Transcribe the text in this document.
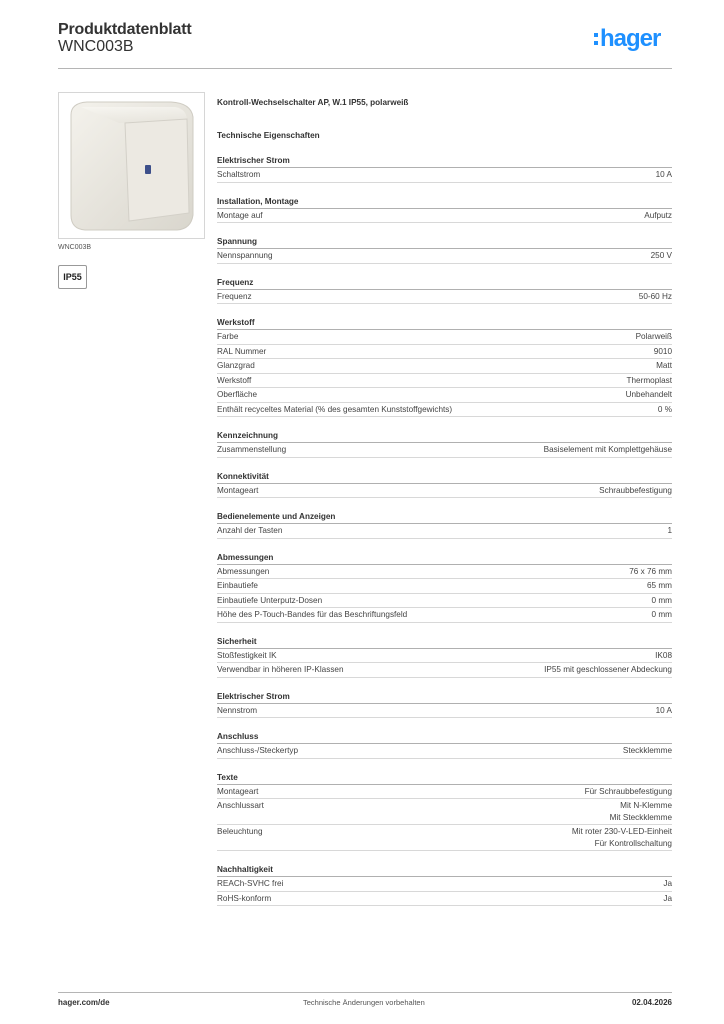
Produktdatenblatt
WNC003B	hager
WNC003B
IP55
Kontroll-Wechselschalter AP, W.1 IP55, polarweiß
Technische Eigenschaften
Elektrischer Strom
Schaltstrom	10 A
Installation, Montage
Montage auf	Aufputz
Spannung
Nennspannung	250 V
Frequenz
Frequenz	50-60 Hz
Werkstoff
Farbe	Polarweiß
RAL Nummer	9010
Glanzgrad	Matt
Werkstoff	Thermoplast
Oberfläche	Unbehandelt
Enthält recyceltes Material (% des gesamten Kunststoffgewichts)	0 %
Kennzeichnung
Zusammenstellung	Basiselement mit Komplettgehäuse
Konnektivität
Montageart	Schraubbefestigung
Bedienelemente und Anzeigen
Anzahl der Tasten	1
Abmessungen
Abmessungen	76 x 76 mm
Einbautiefe	65 mm
Einbautiefe Unterputz-Dosen	0 mm
Höhe des P-Touch-Bandes für das Beschriftungsfeld	0 mm
Sicherheit
Stoßfestigkeit IK	IK08
Verwendbar in höheren IP-Klassen	IP55 mit geschlossener Abdeckung
Elektrischer Strom
Nennstrom	10 A
Anschluss
Anschluss-/Steckertyp	Steckklemme
Texte
Montageart	Für Schraubbefestigung
Anschlussart	Mit N-Klemme
Mit Steckklemme
Beleuchtung	Mit roter 230-V-LED-Einheit
Für Kontrollschaltung
Nachhaltigkeit
REACh-SVHC frei	Ja
RoHS-konform	Ja
hager.com/de	Technische Änderungen vorbehalten	02.04.2026
